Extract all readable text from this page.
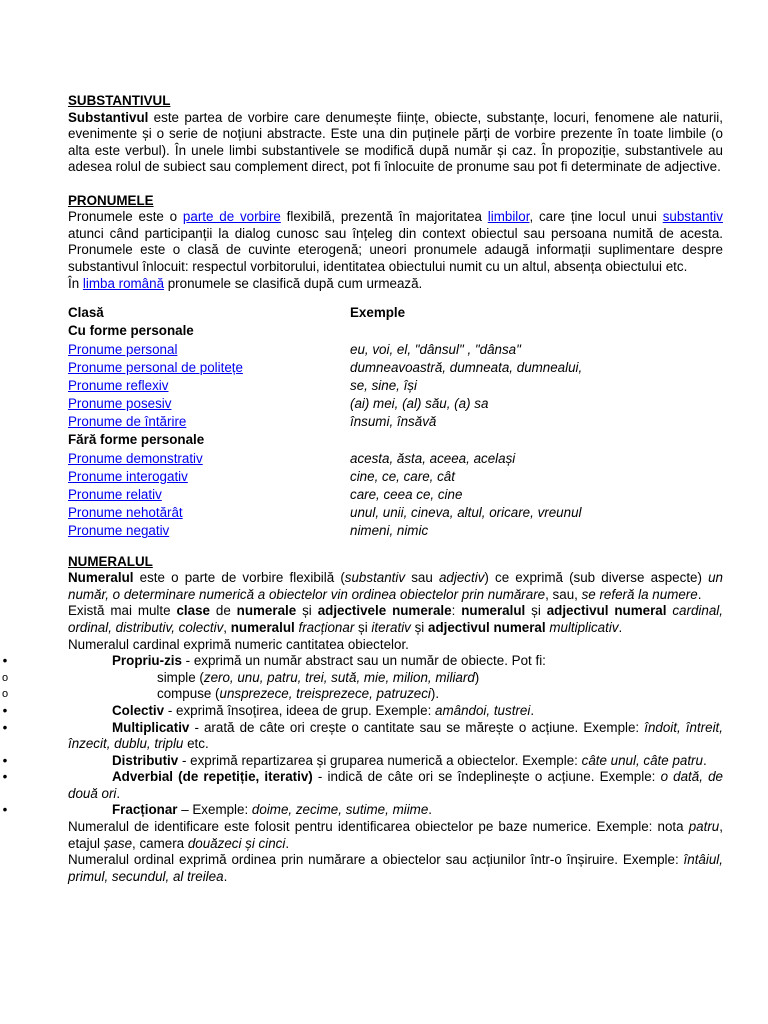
SUBSTANTIVUL
Substantivul este partea de vorbire care denumește ființe, obiecte, substanțe, locuri, fenomene ale naturii, evenimente și o serie de noțiuni abstracte. Este una din puținele părți de vorbire prezente în toate limbile (o alta este verbul). În unele limbi substantivele se modifică după număr și caz. În propoziție, substantivele au adesea rolul de subiect sau complement direct, pot fi înlocuite de pronume sau pot fi determinate de adjective.
PRONUMELE
Pronumele este o parte de vorbire flexibilă, prezentă în majoritatea limbilor, care ține locul unui substantiv atunci când participanții la dialog cunosc sau înțeleg din context obiectul sau persoana numită de acesta. Pronumele este o clasă de cuvinte eterogenă; uneori pronumele adaugă informații suplimentare despre substantivul înlocuit: respectul vorbitorului, identitatea obiectului numit cu un altul, absența obiectului etc.
În limba română pronumele se clasifică după cum urmează.
Clasă	Exemple
Cu forme personale	
Pronume personal	eu, voi, el, "dânsul" , "dânsa"
Pronume personal de politețe	dumneavoastră, dumneata, dumnealui,
Pronume reflexiv	se, sine, își
Pronume posesiv	(ai) mei, (al) său, (a) sa
Pronume de întărire	însumi, însăvă
Fără forme personale	
Pronume demonstrativ	acesta, ăsta, aceea, același
Pronume interogativ	cine, ce, care, cât
Pronume relativ	care, ceea ce, cine
Pronume nehotărât	unul, unii, cineva, altul, oricare, vreunul
Pronume negativ	nimeni, nimic
NUMERALUL
Numeralul este o parte de vorbire flexibilă (substantiv sau adjectiv) ce exprimă (sub diverse aspecte) un număr, o determinare numerică a obiectelor vin ordinea obiectelor prin numărare, sau, se referă la numere.
Există mai multe clase de numerale și adjectivele numerale: numeralul și adjectivul numeral cardinal, ordinal, distributiv, colectiv, numeralul fracționar și iterativ și adjectivul numeral multiplicativ.
Numeralul cardinal exprimă numeric cantitatea obiectelor.
•	Propriu-zis - exprimă un număr abstract sau un număr de obiecte. Pot fi:
o	simple (zero, unu, patru, trei, sută, mie, milion, miliard)
o	compuse (unsprezece, treisprezece, patruzeci).
•	Colectiv - exprimă însoțirea, ideea de grup. Exemple: amândoi, tustrei.
•	Multiplicativ - arată de câte ori crește o cantitate sau se mărește o acțiune. Exemple: îndoit, întreit, înzecit, dublu, triplu etc.
•	Distributiv - exprimă repartizarea și gruparea numerică a obiectelor. Exemple: câte unul, câte patru.
•	Adverbial (de repetiție, iterativ) - indică de câte ori se îndeplinește o acțiune. Exemple: o dată, de două ori.
•	Fracționar – Exemple: doime, zecime, sutime, miime.
Numeralul de identificare este folosit pentru identificarea obiectelor pe baze numerice. Exemple: nota patru, etajul șase, camera douăzeci și cinci.
Numeralul ordinal exprimă ordinea prin numărare a obiectelor sau acțiunilor într-o înșiruire. Exemple: întâiul, primul, secundul, al treilea.
